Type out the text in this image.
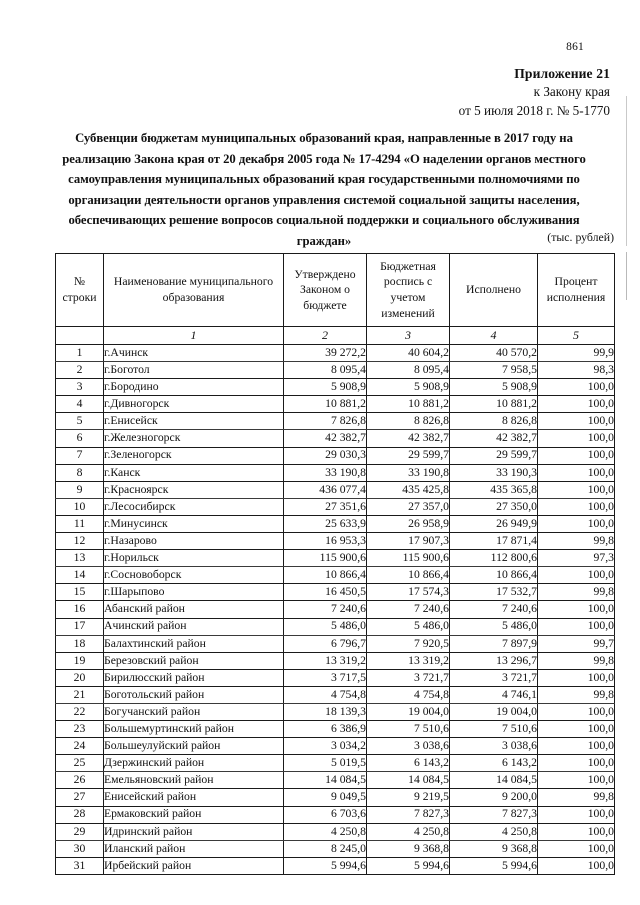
861
Приложение 21
к Закону края
от 5 июля 2018 г. № 5-1770
Субвенции бюджетам муниципальных образований края, направленные в 2017 году на реализацию Закона края от 20 декабря 2005 года № 17-4294 «О наделении органов местного самоуправления муниципальных образований края государственными полномочиями по организации деятельности органов управления системой социальной защиты населения, обеспечивающих решение вопросов социальной поддержки и социального обслуживания граждан»	(тыс. рублей)
№
строки

Наименование муниципального
образования

Утверждено
Законом о
бюджете

Бюджетная
роспись с
учетом
изменений

Исполнено

Процент
исполнения

	1	2	3	4	5
1	г.Ачинск	39 272,2	40 604,2	40 570,2	99,9
2	г.Боготол	8 095,4	8 095,4	7 958,5	98,3
3	г.Бородино	5 908,9	5 908,9	5 908,9	100,0
4	г.Дивногорск	10 881,2	10 881,2	10 881,2	100,0
5	г.Енисейск	7 826,8	8 826,8	8 826,8	100,0
6	г.Железногорск	42 382,7	42 382,7	42 382,7	100,0
7	г.Зеленогорск	29 030,3	29 599,7	29 599,7	100,0
8	г.Канск	33 190,8	33 190,8	33 190,3	100,0
9	г.Красноярск	436 077,4	435 425,8	435 365,8	100,0
10	г.Лесосибирск	27 351,6	27 357,0	27 350,0	100,0
11	г.Минусинск	25 633,9	26 958,9	26 949,9	100,0
12	г.Назарово	16 953,3	17 907,3	17 871,4	99,8
13	г.Норильск	115 900,6	115 900,6	112 800,6	97,3
14	г.Сосновоборск	10 866,4	10 866,4	10 866,4	100,0
15	г.Шарыпово	16 450,5	17 574,3	17 532,7	99,8
16	Абанский район	7 240,6	7 240,6	7 240,6	100,0
17	Ачинский район	5 486,0	5 486,0	5 486,0	100,0
18	Балахтинский район	6 796,7	7 920,5	7 897,9	99,7
19	Березовский район	13 319,2	13 319,2	13 296,7	99,8
20	Бирилюсский район	3 717,5	3 721,7	3 721,7	100,0
21	Боготольский район	4 754,8	4 754,8	4 746,1	99,8
22	Богучанский район	18 139,3	19 004,0	19 004,0	100,0
23	Большемуртинский район	6 386,9	7 510,6	7 510,6	100,0
24	Большеулуйский район	3 034,2	3 038,6	3 038,6	100,0
25	Дзержинский район	5 019,5	6 143,2	6 143,2	100,0
26	Емельяновский район	14 084,5	14 084,5	14 084,5	100,0
27	Енисейский район	9 049,5	9 219,5	9 200,0	99,8
28	Ермаковский район	6 703,6	7 827,3	7 827,3	100,0
29	Идринский район	4 250,8	4 250,8	4 250,8	100,0
30	Иланский район	8 245,0	9 368,8	9 368,8	100,0
31	Ирбейский район	5 994,6	5 994,6	5 994,6	100,0
